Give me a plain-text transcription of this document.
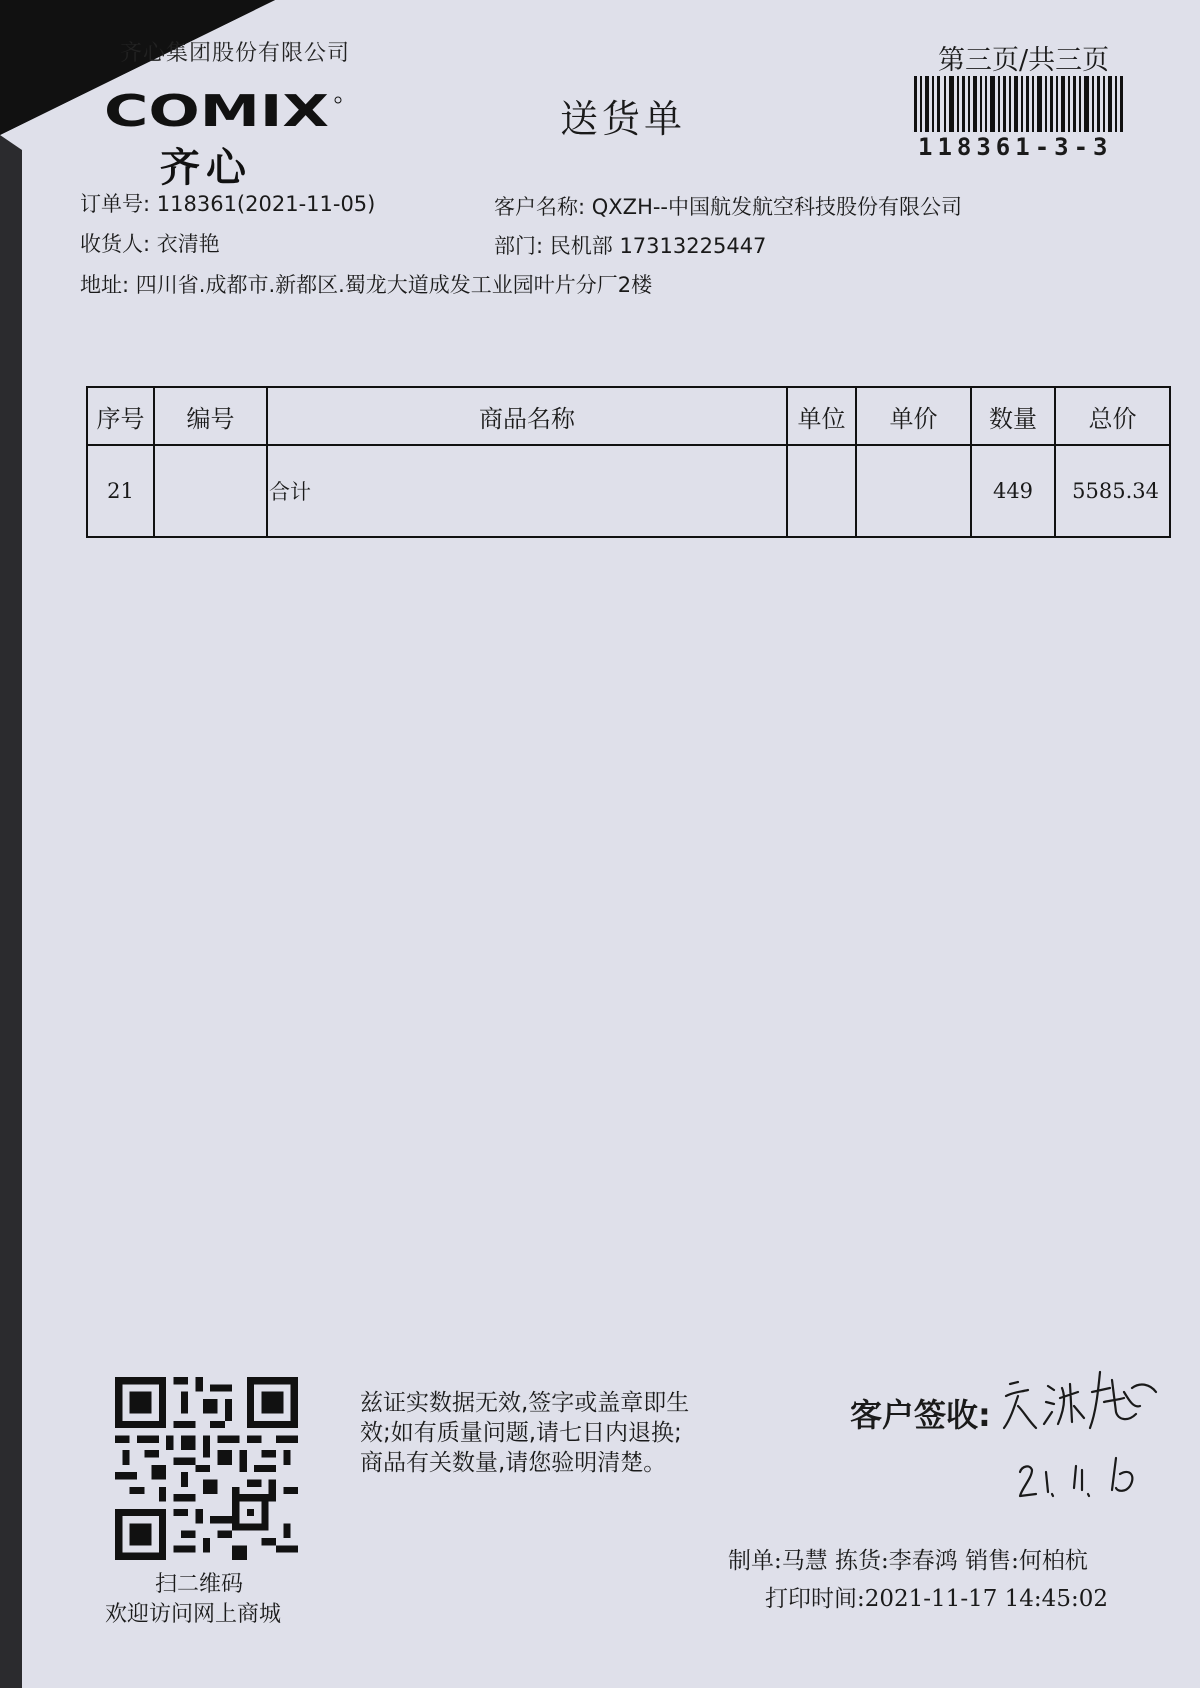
齐心集团股份有限公司
COMIX
齐心
送货单
第三页/共三页
118361-3-3
订单号: 118361(2021-11-05)	客户名称: QXZH--中国航发航空科技股份有限公司
收货人: 衣清艳	部门: 民机部 17313225447
地址: 四川省.成都市.新都区.蜀龙大道成发工业园叶片分厂2楼
序号	编号	商品名称	单位	单价	数量	总价
21		合计			449	5585.34
扫二维码
欢迎访问网上商城
兹证实数据无效,签字或盖章即生
效;如有质量问题,请七日内退换;
商品有关数量,请您验明清楚。
客户签收:
制单:马慧 拣货:李春鸿 销售:何柏杭
打印时间:2021-11-17 14:45:02
